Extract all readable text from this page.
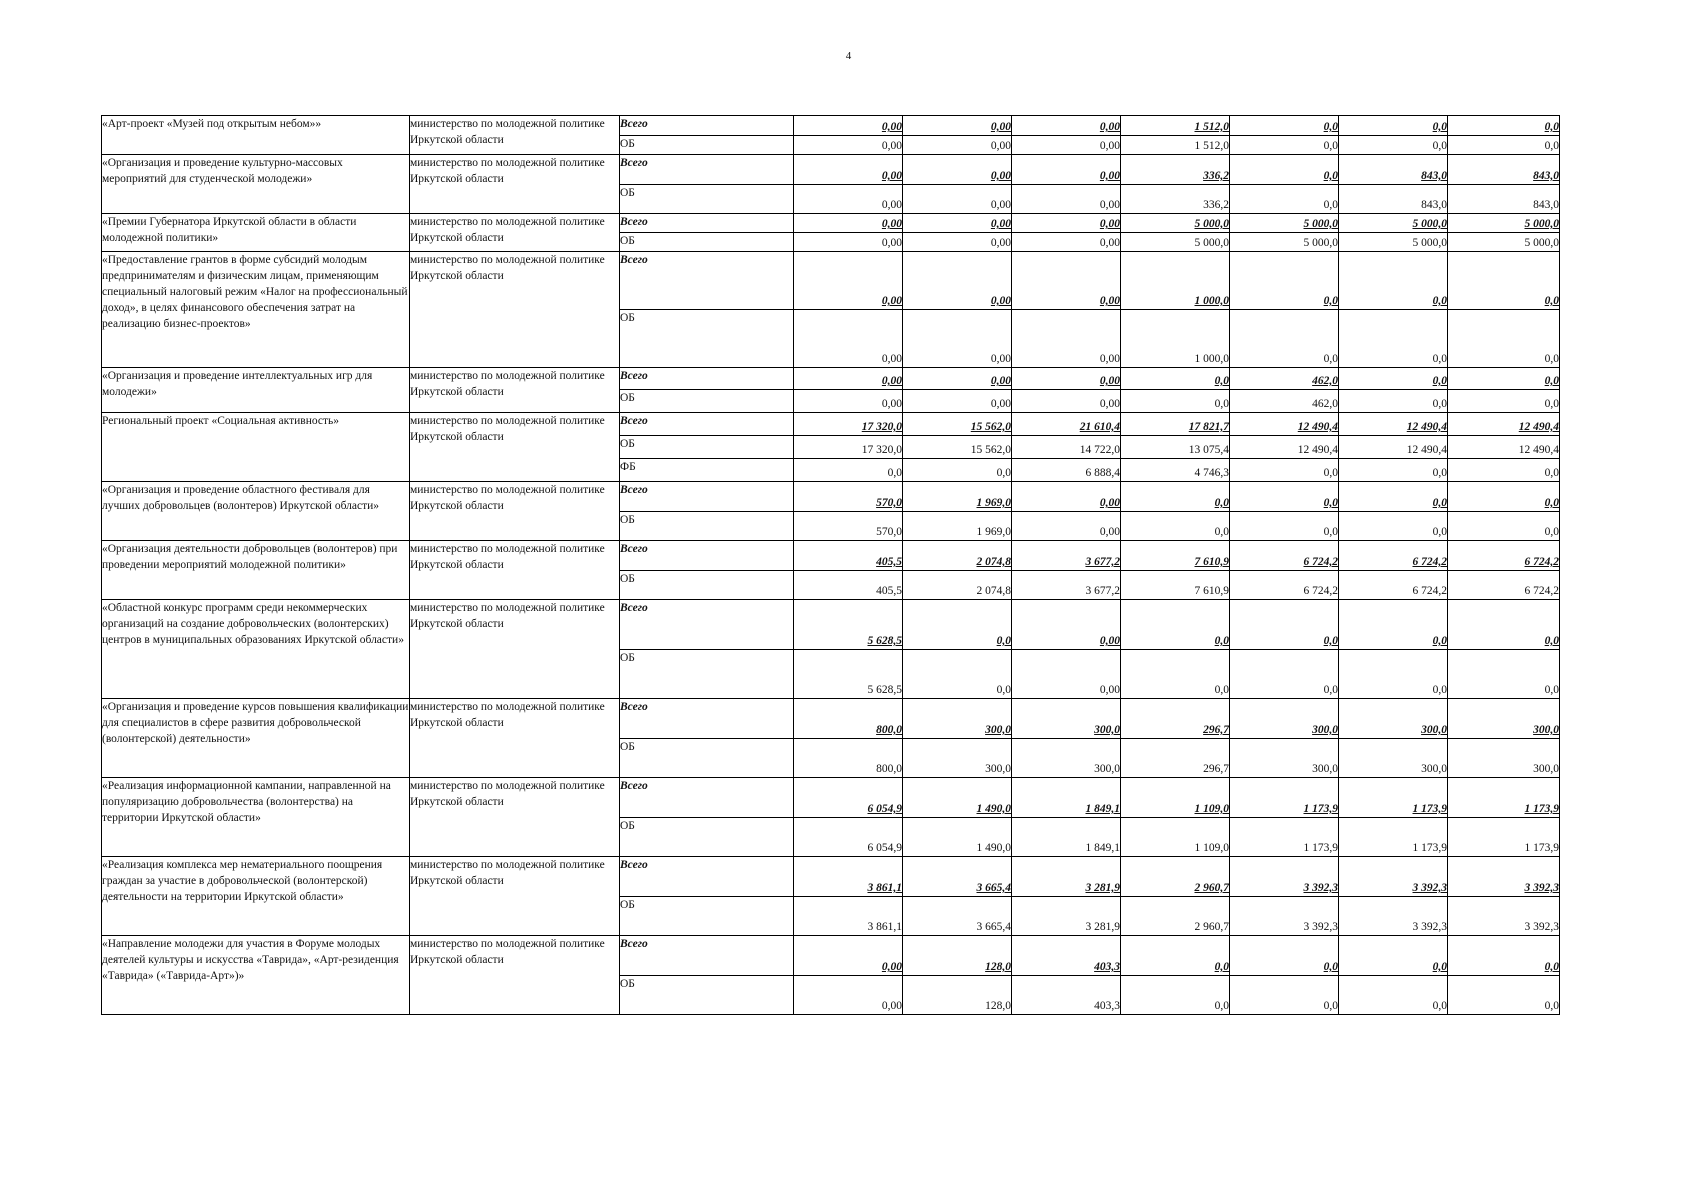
4
«Арт-проект «Музей под открытым небом»»	министерство по молодежной политике Иркутской области	Всего	0,00	0,00	0,00	1 512,0	0,0	0,0	0,0
		ОБ	0,00	0,00	0,00	1 512,0	0,0	0,0	0,0
«Организация и проведение культурно-массовых мероприятий для студенческой молодежи»	министерство по молодежной политике Иркутской области	Всего	0,00	0,00	0,00	336,2	0,0	843,0	843,0
		ОБ	0,00	0,00	0,00	336,2	0,0	843,0	843,0
«Премии Губернатора Иркутской области в области молодежной политики»	министерство по молодежной политике Иркутской области	Всего	0,00	0,00	0,00	5 000,0	5 000,0	5 000,0	5 000,0
		ОБ	0,00	0,00	0,00	5 000,0	5 000,0	5 000,0	5 000,0
«Предоставление грантов в форме субсидий молодым предпринимателям и физическим лицам, применяющим специальный налоговый режим «Налог на профессиональный доход», в целях финансового обеспечения затрат на реализацию бизнес-проектов»	министерство по молодежной политике Иркутской области	Всего	0,00	0,00	0,00	1 000,0	0,0	0,0	0,0
		ОБ	0,00	0,00	0,00	1 000,0	0,0	0,0	0,0
«Организация и проведение интеллектуальных игр для молодежи»	министерство по молодежной политике Иркутской области	Всего	0,00	0,00	0,00	0,0	462,0	0,0	0,0
		ОБ	0,00	0,00	0,00	0,0	462,0	0,0	0,0
Региональный проект «Социальная активность»	министерство по молодежной политике Иркутской области	Всего	17 320,0	15 562,0	21 610,4	17 821,7	12 490,4	12 490,4	12 490,4
		ОБ	17 320,0	15 562,0	14 722,0	13 075,4	12 490,4	12 490,4	12 490,4
		ФБ	0,0	0,0	6 888,4	4 746,3	0,0	0,0	0,0
«Организация и проведение областного фестиваля для лучших добровольцев (волонтеров) Иркутской области»	министерство по молодежной политике Иркутской области	Всего	570,0	1 969,0	0,00	0,0	0,0	0,0	0,0
		ОБ	570,0	1 969,0	0,00	0,0	0,0	0,0	0,0
«Организация деятельности добровольцев (волонтеров) при проведении мероприятий молодежной политики»	министерство по молодежной политике Иркутской области	Всего	405,5	2 074,8	3 677,2	7 610,9	6 724,2	6 724,2	6 724,2
		ОБ	405,5	2 074,8	3 677,2	7 610,9	6 724,2	6 724,2	6 724,2
«Областной конкурс программ среди некоммерческих организаций на создание добровольческих (волонтерских) центров в муниципальных образованиях Иркутской области»	министерство по молодежной политике Иркутской области	Всего	5 628,5	0,0	0,00	0,0	0,0	0,0	0,0
		ОБ	5 628,5	0,0	0,00	0,0	0,0	0,0	0,0
«Организация и проведение курсов повышения квалификации для специалистов в сфере развития добровольческой (волонтерской) деятельности»	министерство по молодежной политике Иркутской области	Всего	800,0	300,0	300,0	296,7	300,0	300,0	300,0
		ОБ	800,0	300,0	300,0	296,7	300,0	300,0	300,0
«Реализация информационной кампании, направленной на популяризацию добровольчества (волонтерства) на территории Иркутской области»	министерство по молодежной политике Иркутской области	Всего	6 054,9	1 490,0	1 849,1	1 109,0	1 173,9	1 173,9	1 173,9
		ОБ	6 054,9	1 490,0	1 849,1	1 109,0	1 173,9	1 173,9	1 173,9
«Реализация комплекса мер нематериального поощрения граждан за участие в добровольческой (волонтерской) деятельности на территории Иркутской области»	министерство по молодежной политике Иркутской области	Всего	3 861,1	3 665,4	3 281,9	2 960,7	3 392,3	3 392,3	3 392,3
		ОБ	3 861,1	3 665,4	3 281,9	2 960,7	3 392,3	3 392,3	3 392,3
«Направление молодежи для участия в Форуме молодых деятелей культуры и искусства «Таврида», «Арт-резиденция «Таврида» («Таврида-Арт»)»	министерство по молодежной политике Иркутской области	Всего	0,00	128,0	403,3	0,0	0,0	0,0	0,0
		ОБ	0,00	128,0	403,3	0,0	0,0	0,0	0,0
